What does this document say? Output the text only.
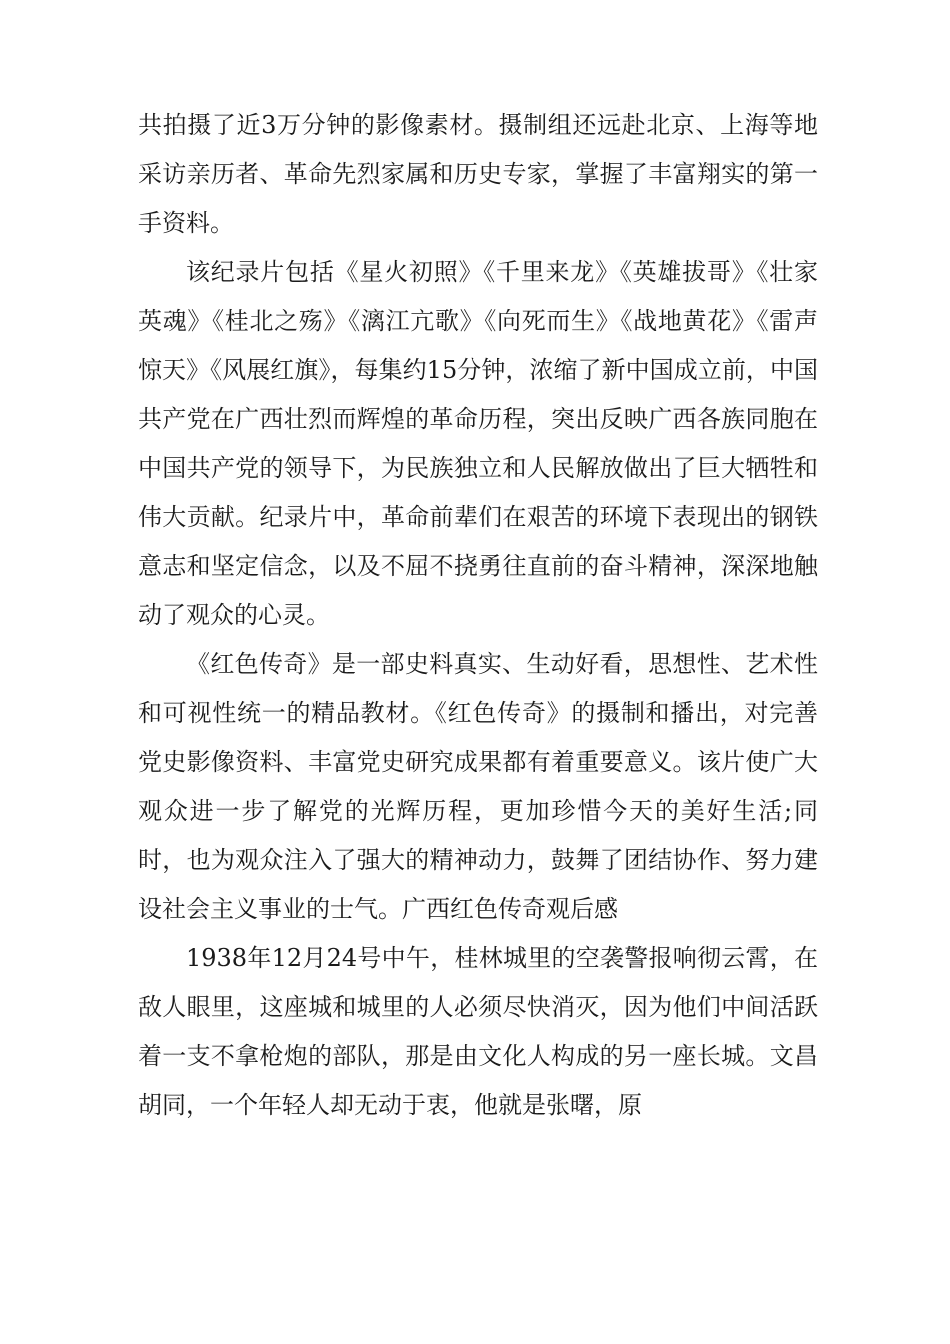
共拍摄了近3万分钟的影像素材。摄制组还远赴北京、上海等地采访亲历者、革命先烈家属和历史专家，掌握了丰富翔实的第一手资料。

该纪录片包括《星火初照》《千里来龙》《英雄拔哥》《壮家英魂》《桂北之殇》《漓江亢歌》《向死而生》《战地黄花》《雷声惊天》《风展红旗》，每集约15分钟，浓缩了新中国成立前，中国共产党在广西壮烈而辉煌的革命历程，突出反映广西各族同胞在中国共产党的领导下，为民族独立和人民解放做出了巨大牺牲和伟大贡献。纪录片中，革命前辈们在艰苦的环境下表现出的钢铁意志和坚定信念，以及不屈不挠勇往直前的奋斗精神，深深地触动了观众的心灵。

《红色传奇》是一部史料真实、生动好看，思想性、艺术性和可视性统一的精品教材。《红色传奇》的摄制和播出，对完善党史影像资料、丰富党史研究成果都有着重要意义。该片使广大观众进一步了解党的光辉历程，更加珍惜今天的美好生活;同时，也为观众注入了强大的精神动力，鼓舞了团结协作、努力建设社会主义事业的士气。广西红色传奇观后感

1938年12月24号中午，桂林城里的空袭警报响彻云霄，在敌人眼里，这座城和城里的人必须尽快消灭，因为他们中间活跃着一支不拿枪炮的部队，那是由文化人构成的另一座长城。文昌胡同，一个年轻人却无动于衷，他就是张曙，原
